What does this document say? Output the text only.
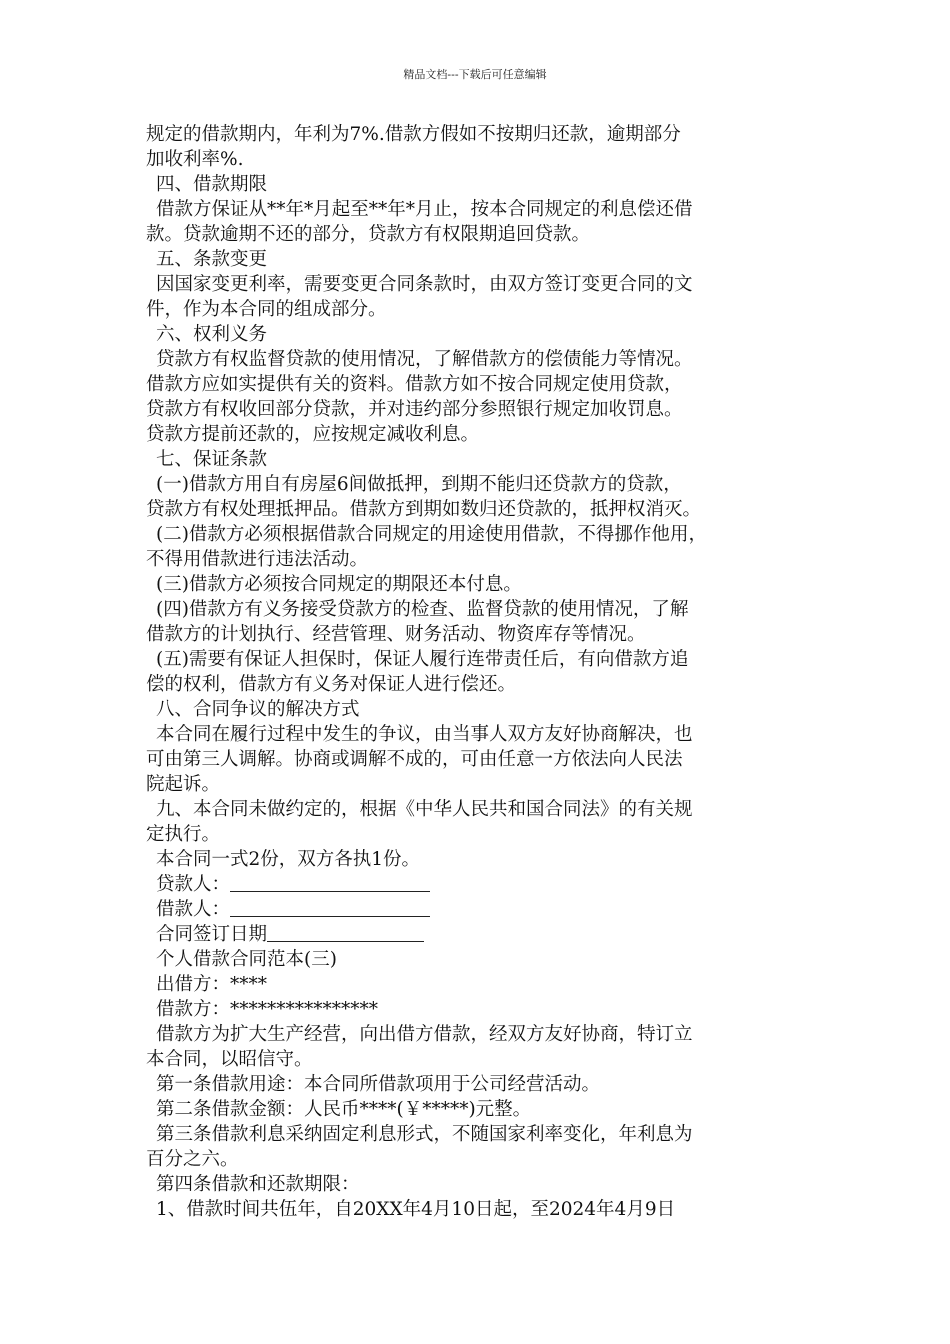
精品文档---下载后可任意编辑
规定的借款期内，年利为7%.借款方假如不按期归还款，逾期部分
加收利率%.
四、借款期限
借款方保证从**年*月起至**年*月止，按本合同规定的利息偿还借
款。贷款逾期不还的部分，贷款方有权限期追回贷款。
五、条款变更
因国家变更利率，需要变更合同条款时，由双方签订变更合同的文
件，作为本合同的组成部分。
六、权利义务
贷款方有权监督贷款的使用情况，了解借款方的偿债能力等情况。
借款方应如实提供有关的资料。借款方如不按合同规定使用贷款，
贷款方有权收回部分贷款，并对违约部分参照银行规定加收罚息。
贷款方提前还款的，应按规定减收利息。
七、保证条款
(一)借款方用自有房屋6间做抵押，到期不能归还贷款方的贷款，
贷款方有权处理抵押品。借款方到期如数归还贷款的，抵押权消灭。
(二)借款方必须根据借款合同规定的用途使用借款，不得挪作他用，
不得用借款进行违法活动。
(三)借款方必须按合同规定的期限还本付息。
(四)借款方有义务接受贷款方的检查、监督贷款的使用情况，了解
借款方的计划执行、经营管理、财务活动、物资库存等情况。
(五)需要有保证人担保时，保证人履行连带责任后，有向借款方追
偿的权利，借款方有义务对保证人进行偿还。
八、合同争议的解决方式
本合同在履行过程中发生的争议，由当事人双方友好协商解决，也
可由第三人调解。协商或调解不成的，可由任意一方依法向人民法
院起诉。
九、本合同未做约定的，根据《中华人民共和国合同法》的有关规
定执行。
本合同一式2份，双方各执1份。
贷款人：
借款人：
合同签订日期
个人借款合同范本(三)
出借方：****
借款方：****************
借款方为扩大生产经营，向出借方借款，经双方友好协商，特订立
本合同，以昭信守。
第一条借款用途：本合同所借款项用于公司经营活动。
第二条借款金额：人民币****(￥*****)元整。
第三条借款利息采纳固定利息形式，不随国家利率变化，年利息为
百分之六。
第四条借款和还款期限：
1、借款时间共伍年，自20XX年4月10日起，至2024年4月9日
